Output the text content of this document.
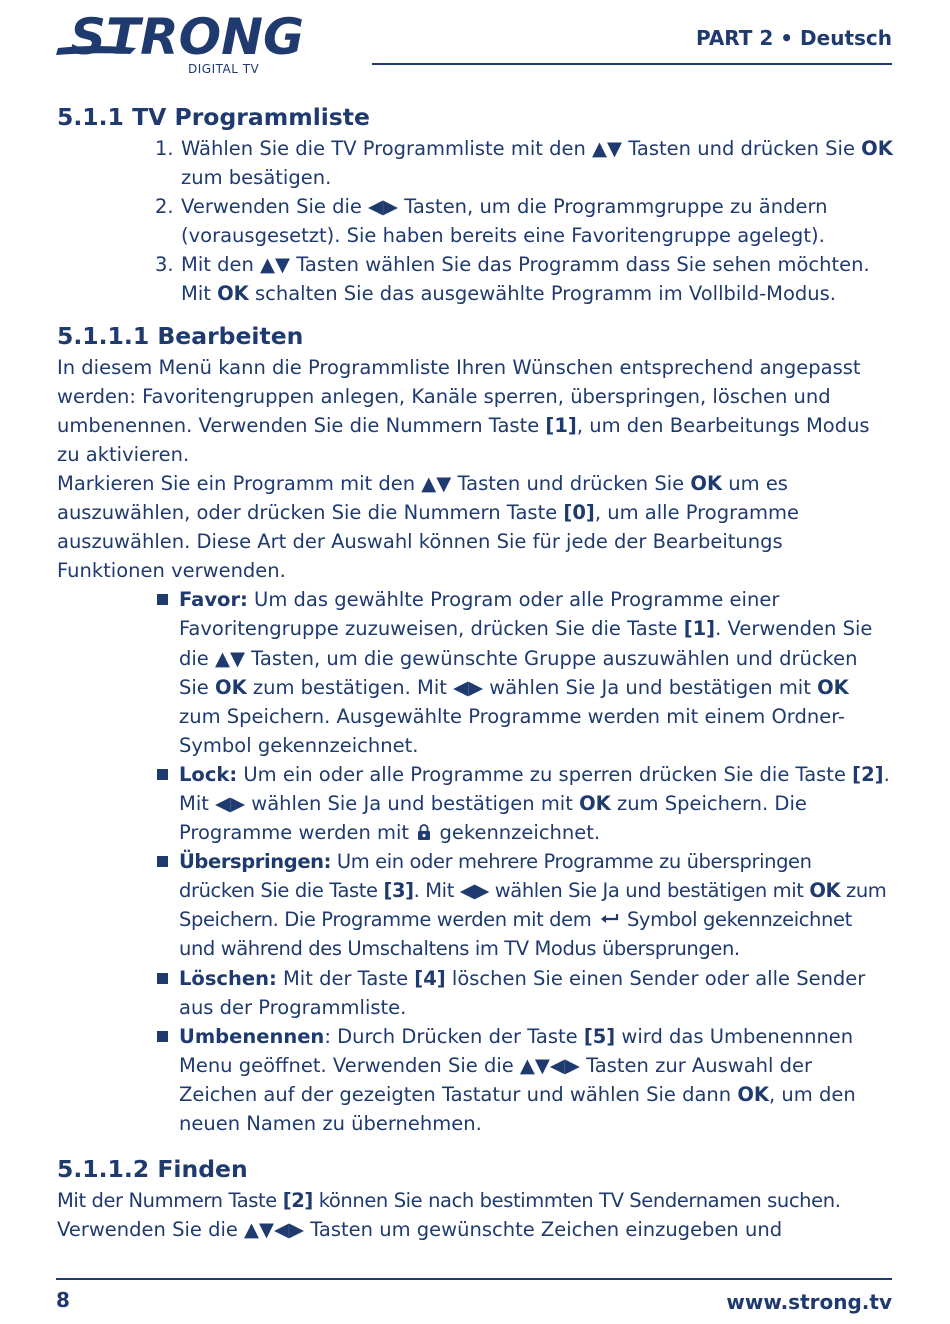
STRONG
DIGITAL TV
PART 2 • Deutsch
5.1.1 TV Programmliste
1. Wählen Sie die TV Programmliste mit den ▲▼ Tasten und drücken Sie OK zum besätigen.
2. Verwenden Sie die ◀▶ Tasten, um die Programmgruppe zu ändern (vorausgesetzt). Sie haben bereits eine Favoritengruppe agelegt).
3. Mit den ▲▼ Tasten wählen Sie das Programm dass Sie sehen möchten. Mit OK schalten Sie das ausgewählte Programm im Vollbild-Modus.
5.1.1.1 Bearbeiten

In diesem Menü kann die Programmliste Ihren Wünschen entsprechend angepasst werden: Favoritengruppen anlegen, Kanäle sperren, überspringen, löschen und umbenennen. Verwenden Sie die Nummern Taste [1], um den Bearbeitungs Modus zu aktivieren.

Markieren Sie ein Programm mit den ▲▼ Tasten und drücken Sie OK um es auszuwählen, oder drücken Sie die Nummern Taste [0], um alle Programme auszuwählen. Diese Art der Auswahl können Sie für jede der Bearbeitungs Funktionen verwenden.

Favor: Um das gewählte Program oder alle Programme einer Favoritengruppe zuzuweisen, drücken Sie die Taste [1]. Verwenden Sie die ▲▼ Tasten, um die gewünschte Gruppe auszuwählen und drücken Sie OK zum bestätigen. Mit ◀▶ wählen Sie Ja und bestätigen mit OK zum Speichern. Ausgewählte Programme werden mit einem Ordner-Symbol gekennzeichnet.
Lock: Um ein oder alle Programme zu sperren drücken Sie die Taste [2]. Mit ◀▶ wählen Sie Ja und bestätigen mit OK zum Speichern. Die Programme werden mit  gekennzeichnet.
Überspringen: Um ein oder mehrere Programme zu überspringen drücken Sie die Taste [3]. Mit ◀▶ wählen Sie Ja und bestätigen mit OK zum Speichern. Die Programme werden mit dem  Symbol gekennzeichnet und während des Umschaltens im TV Modus übersprungen.
Löschen: Mit der Taste [4] löschen Sie einen Sender oder alle Sender aus der Programmliste.
Umbenennen: Durch Drücken der Taste [5] wird das Umbenennnen Menu geöffnet. Verwenden Sie die ▲▼◀▶ Tasten zur Auswahl der Zeichen auf der gezeigten Tastatur und wählen Sie dann OK, um den neuen Namen zu übernehmen.
5.1.1.2 Finden

Mit der Nummern Taste [2] können Sie nach bestimmten TV Sendernamen suchen.

Verwenden Sie die ▲▼◀▶ Tasten um gewünschte Zeichen einzugeben und

8	www.strong.tv
